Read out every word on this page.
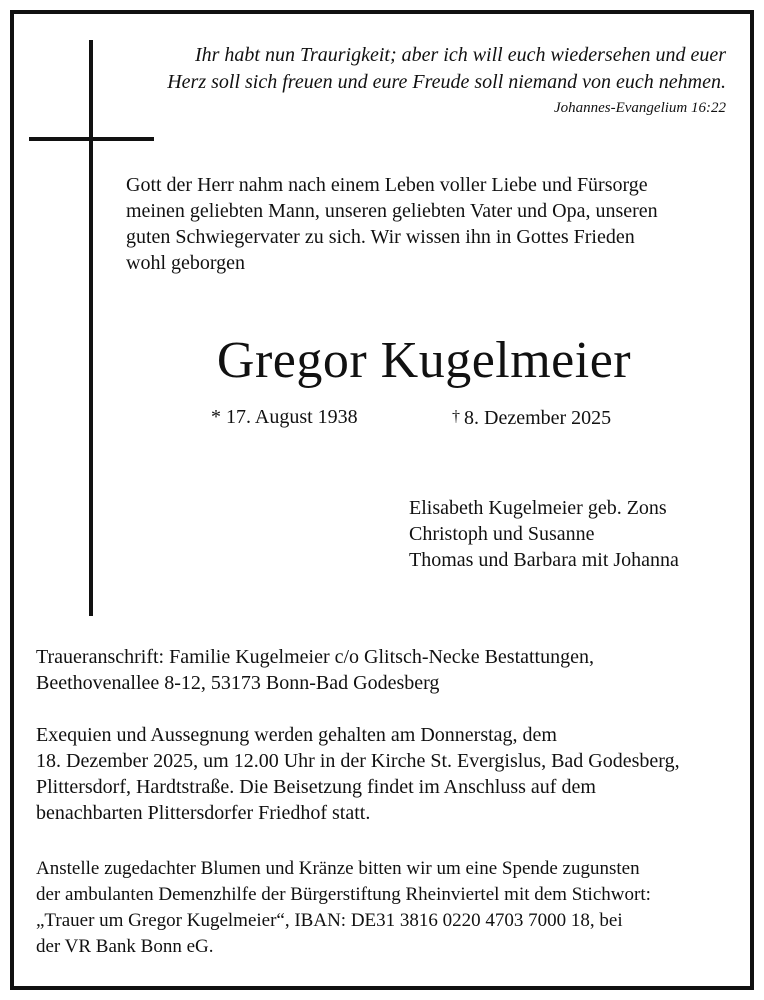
Ihr habt nun Traurigkeit; aber ich will euch wiedersehen und euer
Herz soll sich freuen und eure Freude soll niemand von euch nehmen.
Johannes-Evangelium 16:22
Gott der Herr nahm nach einem Leben voller Liebe und Fürsorge
meinen geliebten Mann, unseren geliebten Vater und Opa, unseren
guten Schwiegervater zu sich. Wir wissen ihn in Gottes Frieden
wohl geborgen
Gregor Kugelmeier
* 17. August 1938	† 8. Dezember 2025
Elisabeth Kugelmeier geb. Zons
Christoph und Susanne
Thomas und Barbara mit Johanna
Traueranschrift: Familie Kugelmeier c/o Glitsch-Necke Bestattungen,
Beethovenallee 8-12, 53173 Bonn-Bad Godesberg
Exequien und Aussegnung werden gehalten am Donnerstag, dem
18. Dezember 2025, um 12.00 Uhr in der Kirche St. Evergislus, Bad Godesberg,
Plittersdorf, Hardtstraße. Die Beisetzung findet im Anschluss auf dem
benachbarten Plittersdorfer Friedhof statt.
Anstelle zugedachter Blumen und Kränze bitten wir um eine Spende zugunsten
der ambulanten Demenzhilfe der Bürgerstiftung Rheinviertel mit dem Stichwort:
„Trauer um Gregor Kugelmeier“, IBAN: DE31 3816 0220 4703 7000 18, bei
der VR Bank Bonn eG.
